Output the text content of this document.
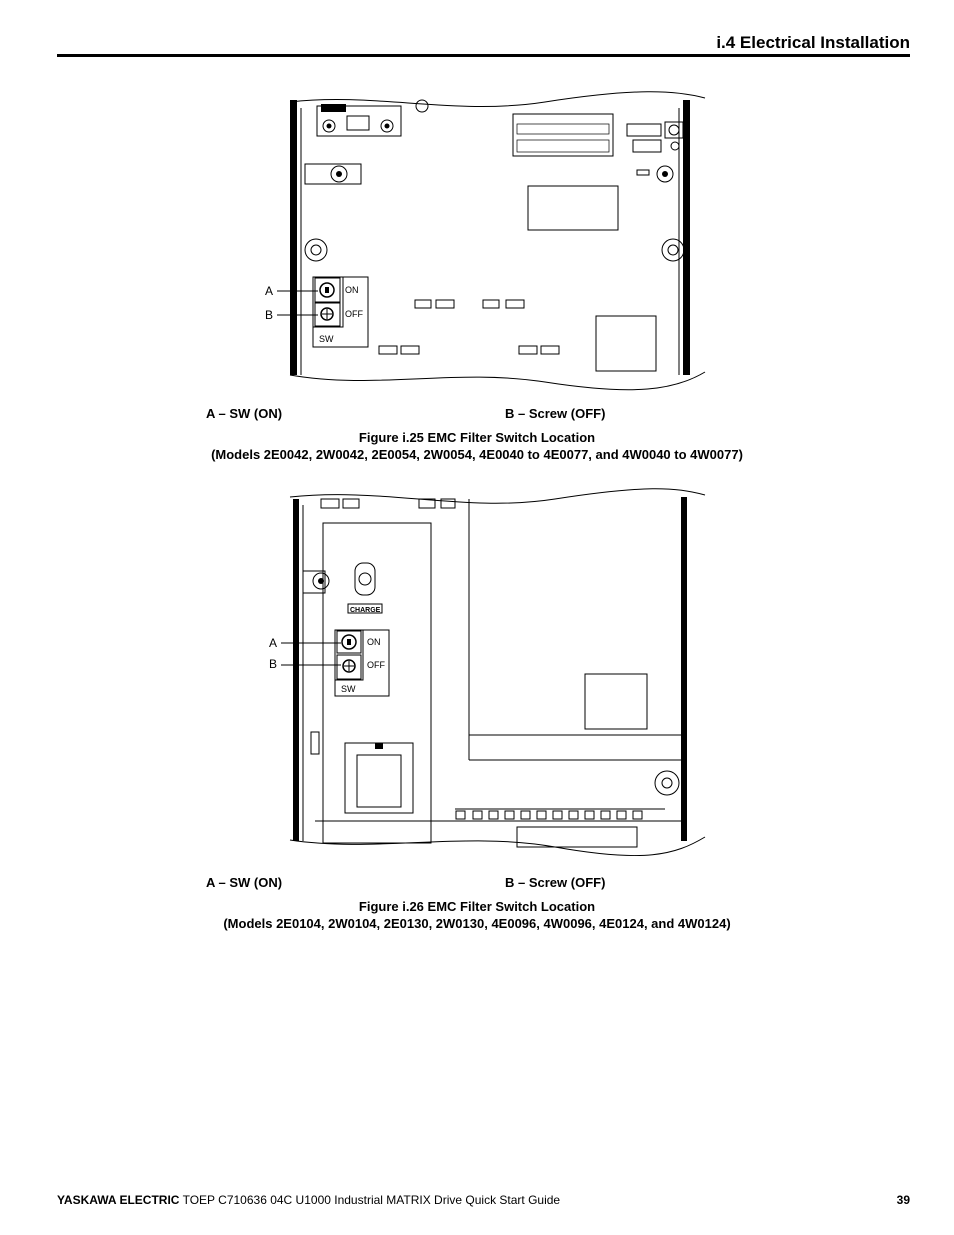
i.4 Electrical Installation
ON
OFF
SW
A
B
A – SW (ON)	B – Screw (OFF)
Figure i.25 EMC Filter Switch Location
(Models 2E0042, 2W0042, 2E0054, 2W0054, 4E0040 to 4E0077, and 4W0040 to 4W0077)
CHARGE
ON
OFF
SW
A
B
A – SW (ON)	B – Screw (OFF)
Figure i.26 EMC Filter Switch Location
(Models 2E0104, 2W0104, 2E0130, 2W0130, 4E0096, 4W0096, 4E0124, and 4W0124)
YASKAWA ELECTRIC TOEP C710636 04C U1000 Industrial MATRIX Drive Quick Start Guide	39
